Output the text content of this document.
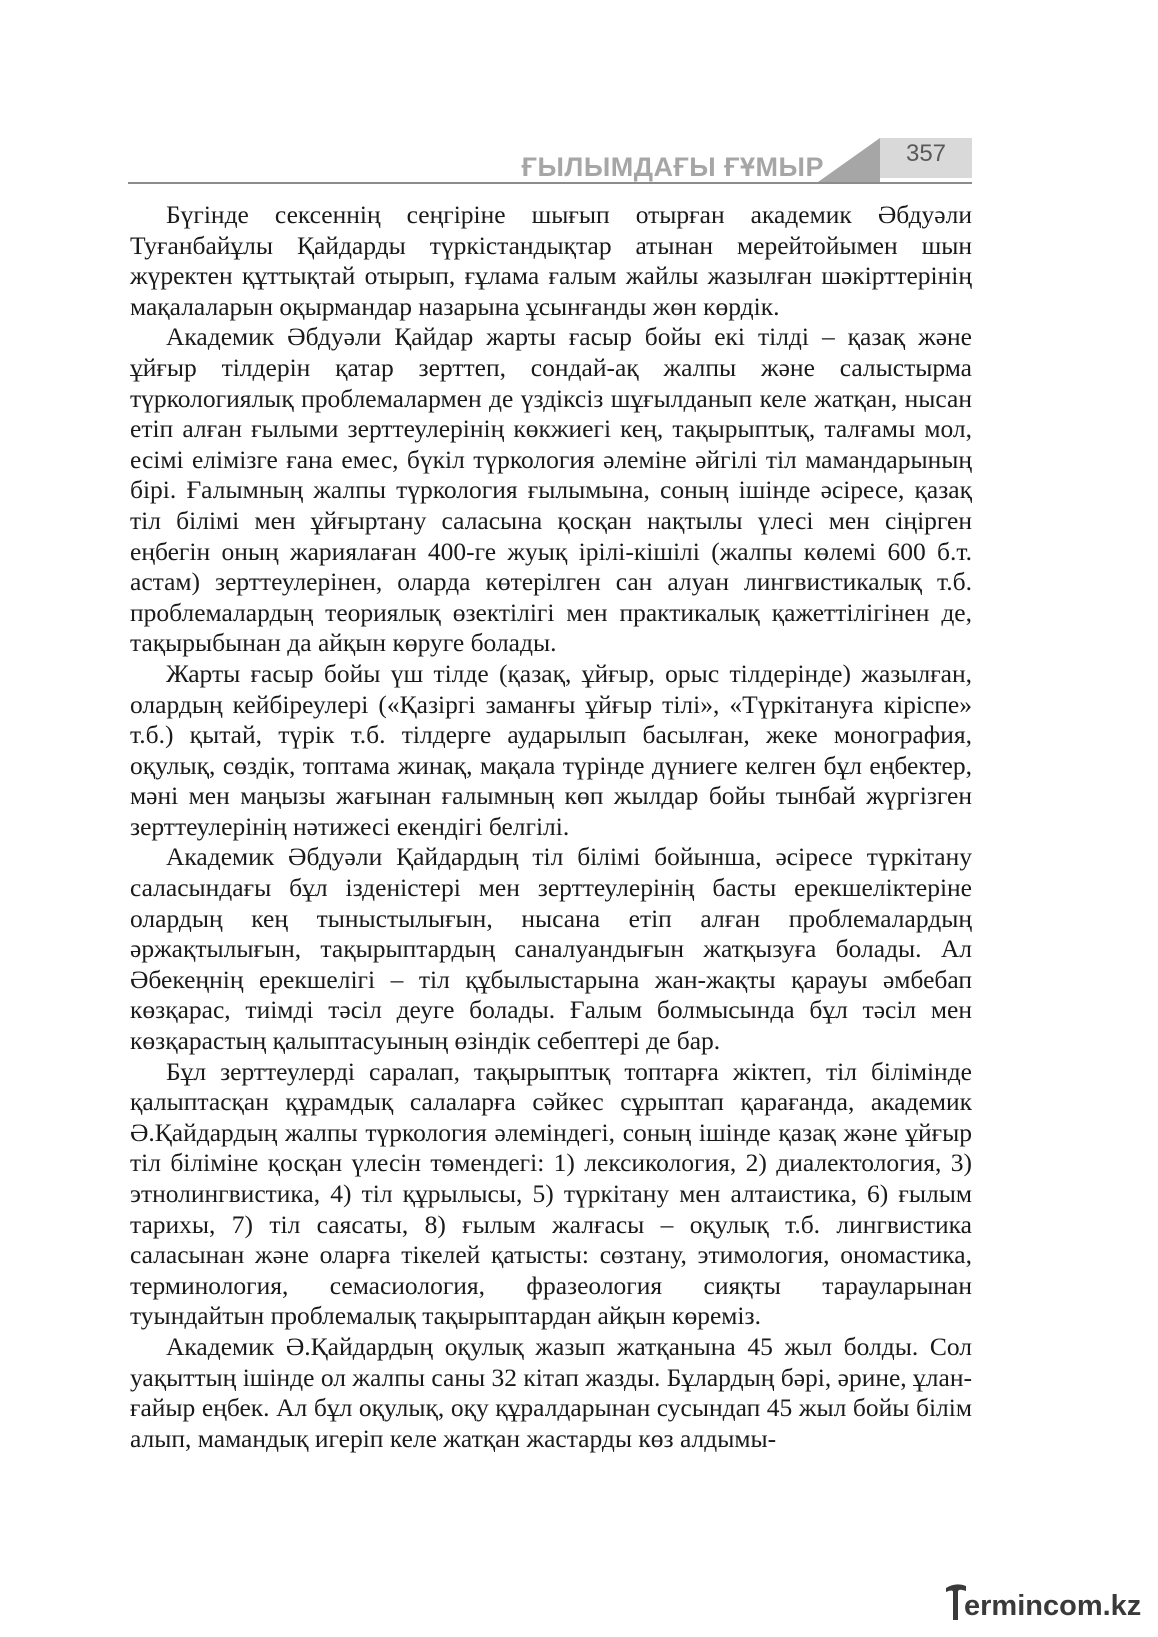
ҒЫЛЫМДАҒЫ ҒҰМЫР	357

Бүгінде сексеннің сеңгіріне шығып отырған академик Әбдуәли Туғанбайұлы Қайдарды түркістандықтар атынан мерейтойымен шын жүректен құттықтай отырып, ғұлама ғалым жайлы жазылған шәкірттерінің мақалаларын оқырмандар назарына ұсынғанды жөн көрдік.

Академик Әбдуәли Қайдар жарты ғасыр бойы екі тілді – қазақ және ұйғыр тілдерін қатар зерттеп, сондай-ақ жалпы және салыстырма түркологиялық проблемалармен де үздіксіз шұғылданып келе жатқан, нысан етіп алған ғылыми зерттеулерінің көкжиегі кең, тақырыптық, талғамы мол, есімі елімізге ғана емес, бүкіл түркология әлеміне әйгілі тіл мамандарының бірі. Ғалымның жалпы түркология ғылымына, соның ішінде әсіресе, қазақ тіл білімі мен ұйғыртану саласына қосқан нақтылы үлесі мен сіңірген еңбегін оның жариялаған 400-ге жуық ірілі-кішілі (жалпы көлемі 600 б.т. астам) зерттеулерінен, оларда көтерілген сан алуан лингвистикалық т.б. проблемалардың теориялық өзектілігі мен практикалық қажеттілігінен де, тақырыбынан да айқын көруге болады.

Жарты ғасыр бойы үш тілде (қазақ, ұйғыр, орыс тілдерінде) жазылған, олардың кейбіреулері («Қазіргі заманғы ұйғыр тілі», «Түркітануға кіріспе» т.б.) қытай, түрік т.б. тілдерге аударылып басылған, жеке монография, оқулық, сөздік, топтама жинақ, мақала түрінде дүниеге келген бұл еңбектер, мәні мен маңызы жағынан ғалымның көп жылдар бойы тынбай жүргізген зерттеулерінің нәтижесі екендігі белгілі.

Академик Әбдуәли Қайдардың тіл білімі бойынша, әсіресе түркітану саласындағы бұл ізденістері мен зерттеулерінің басты ерекшеліктеріне олардың кең тыныстылығын, нысана етіп алған проблемалардың әржақтылығын, тақырыптардың саналуандығын жатқызуға болады. Ал Әбекеңнің ерекшелігі – тіл құбылыстарына жан-жақты қарауы әмбебап көзқарас, тиімді тәсіл деуге болады. Ғалым болмысында бұл тәсіл мен көзқарастың қалыптасуының өзіндік себептері де бар.

Бұл зерттеулерді саралап, тақырыптық топтарға жіктеп, тіл білімінде қалыптасқан құрамдық салаларға сәйкес сұрыптап қарағанда, академик Ә.Қайдардың жалпы түркология әлеміндегі, соның ішінде қазақ және ұйғыр тіл біліміне қосқан үлесін төмендегі: 1) лексикология, 2) диалектология, 3) этнолингвистика, 4) тіл құрылысы, 5) түркітану мен алтаистика, 6) ғылым тарихы, 7) тіл саясаты, 8) ғылым жалғасы – оқулық т.б. лингвистика саласынан және оларға тікелей қатысты: сөзтану, этимология, ономастика, терминология, семасиология, фразеология сияқты тарауларынан туындайтын проблемалық тақырыптардан айқын көреміз.

Академик Ә.Қайдардың оқулық жазып жатқанына 45 жыл болды. Сол уақыттың ішінде ол жалпы саны 32 кітап жазды. Бұлардың бәрі, әрине, ұлан-ғайыр еңбек. Ал бұл оқулық, оқу құралдарынан сусындап 45 жыл бойы білім алып, мамандық игеріп келе жатқан жастарды көз алдымы-

ermincom.kz
